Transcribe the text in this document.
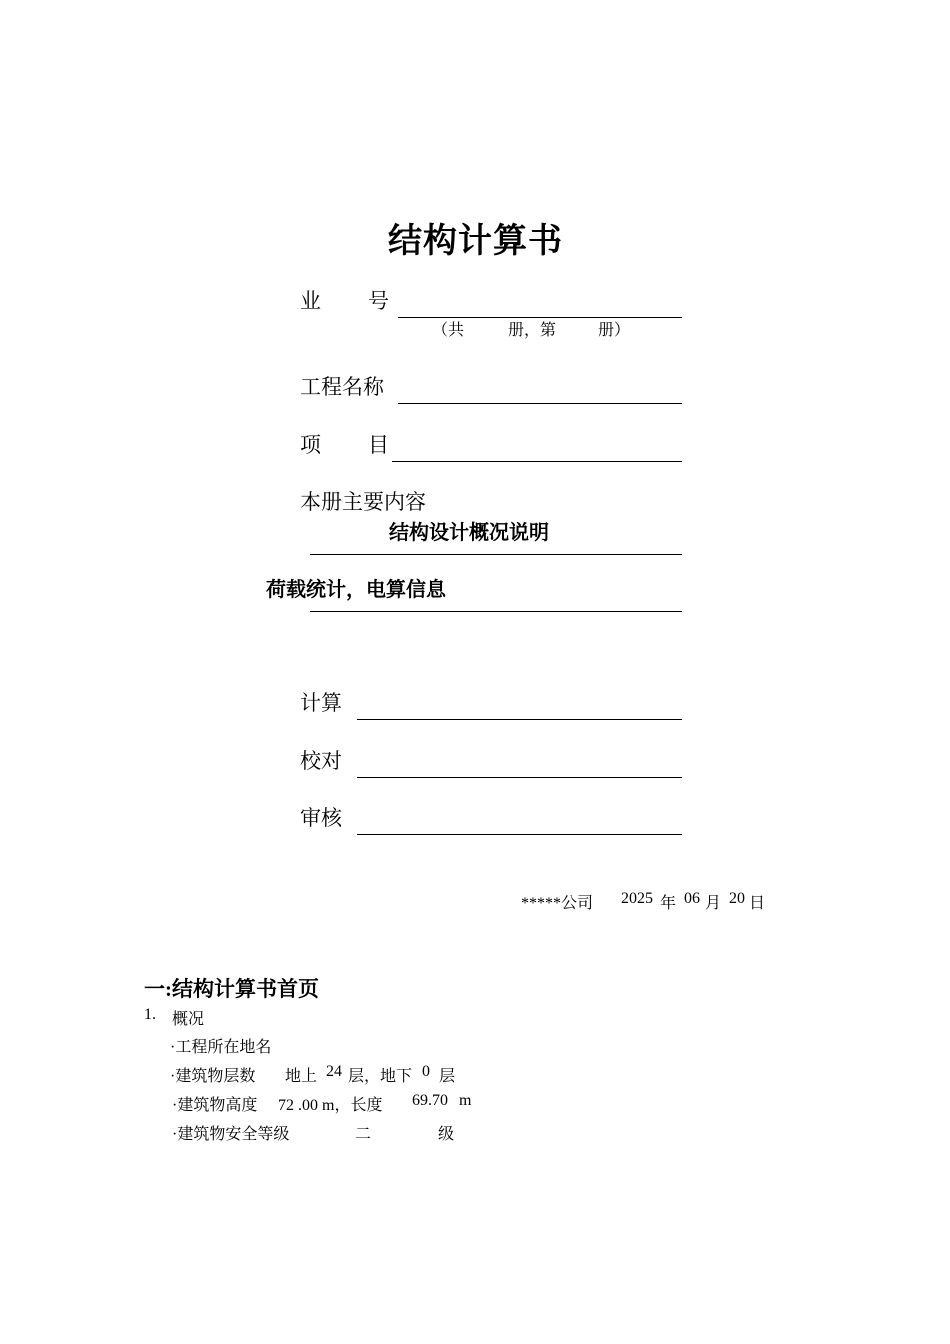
结构计算书
业 号
（共	册，第	册）
工程名称
项 目
本册主要内容
结构设计概况说明
荷载统计，电算信息
计算
校对
审核
*****公司 2025 年 06 月 20 日
一:结构计算书首页
1. 概况
·工程所在地名
·建筑物层数 地上 24 层，地下 0 层
·建筑物高度 72 .00 m，长度 69.70 m
·建筑物安全等级	二	级
